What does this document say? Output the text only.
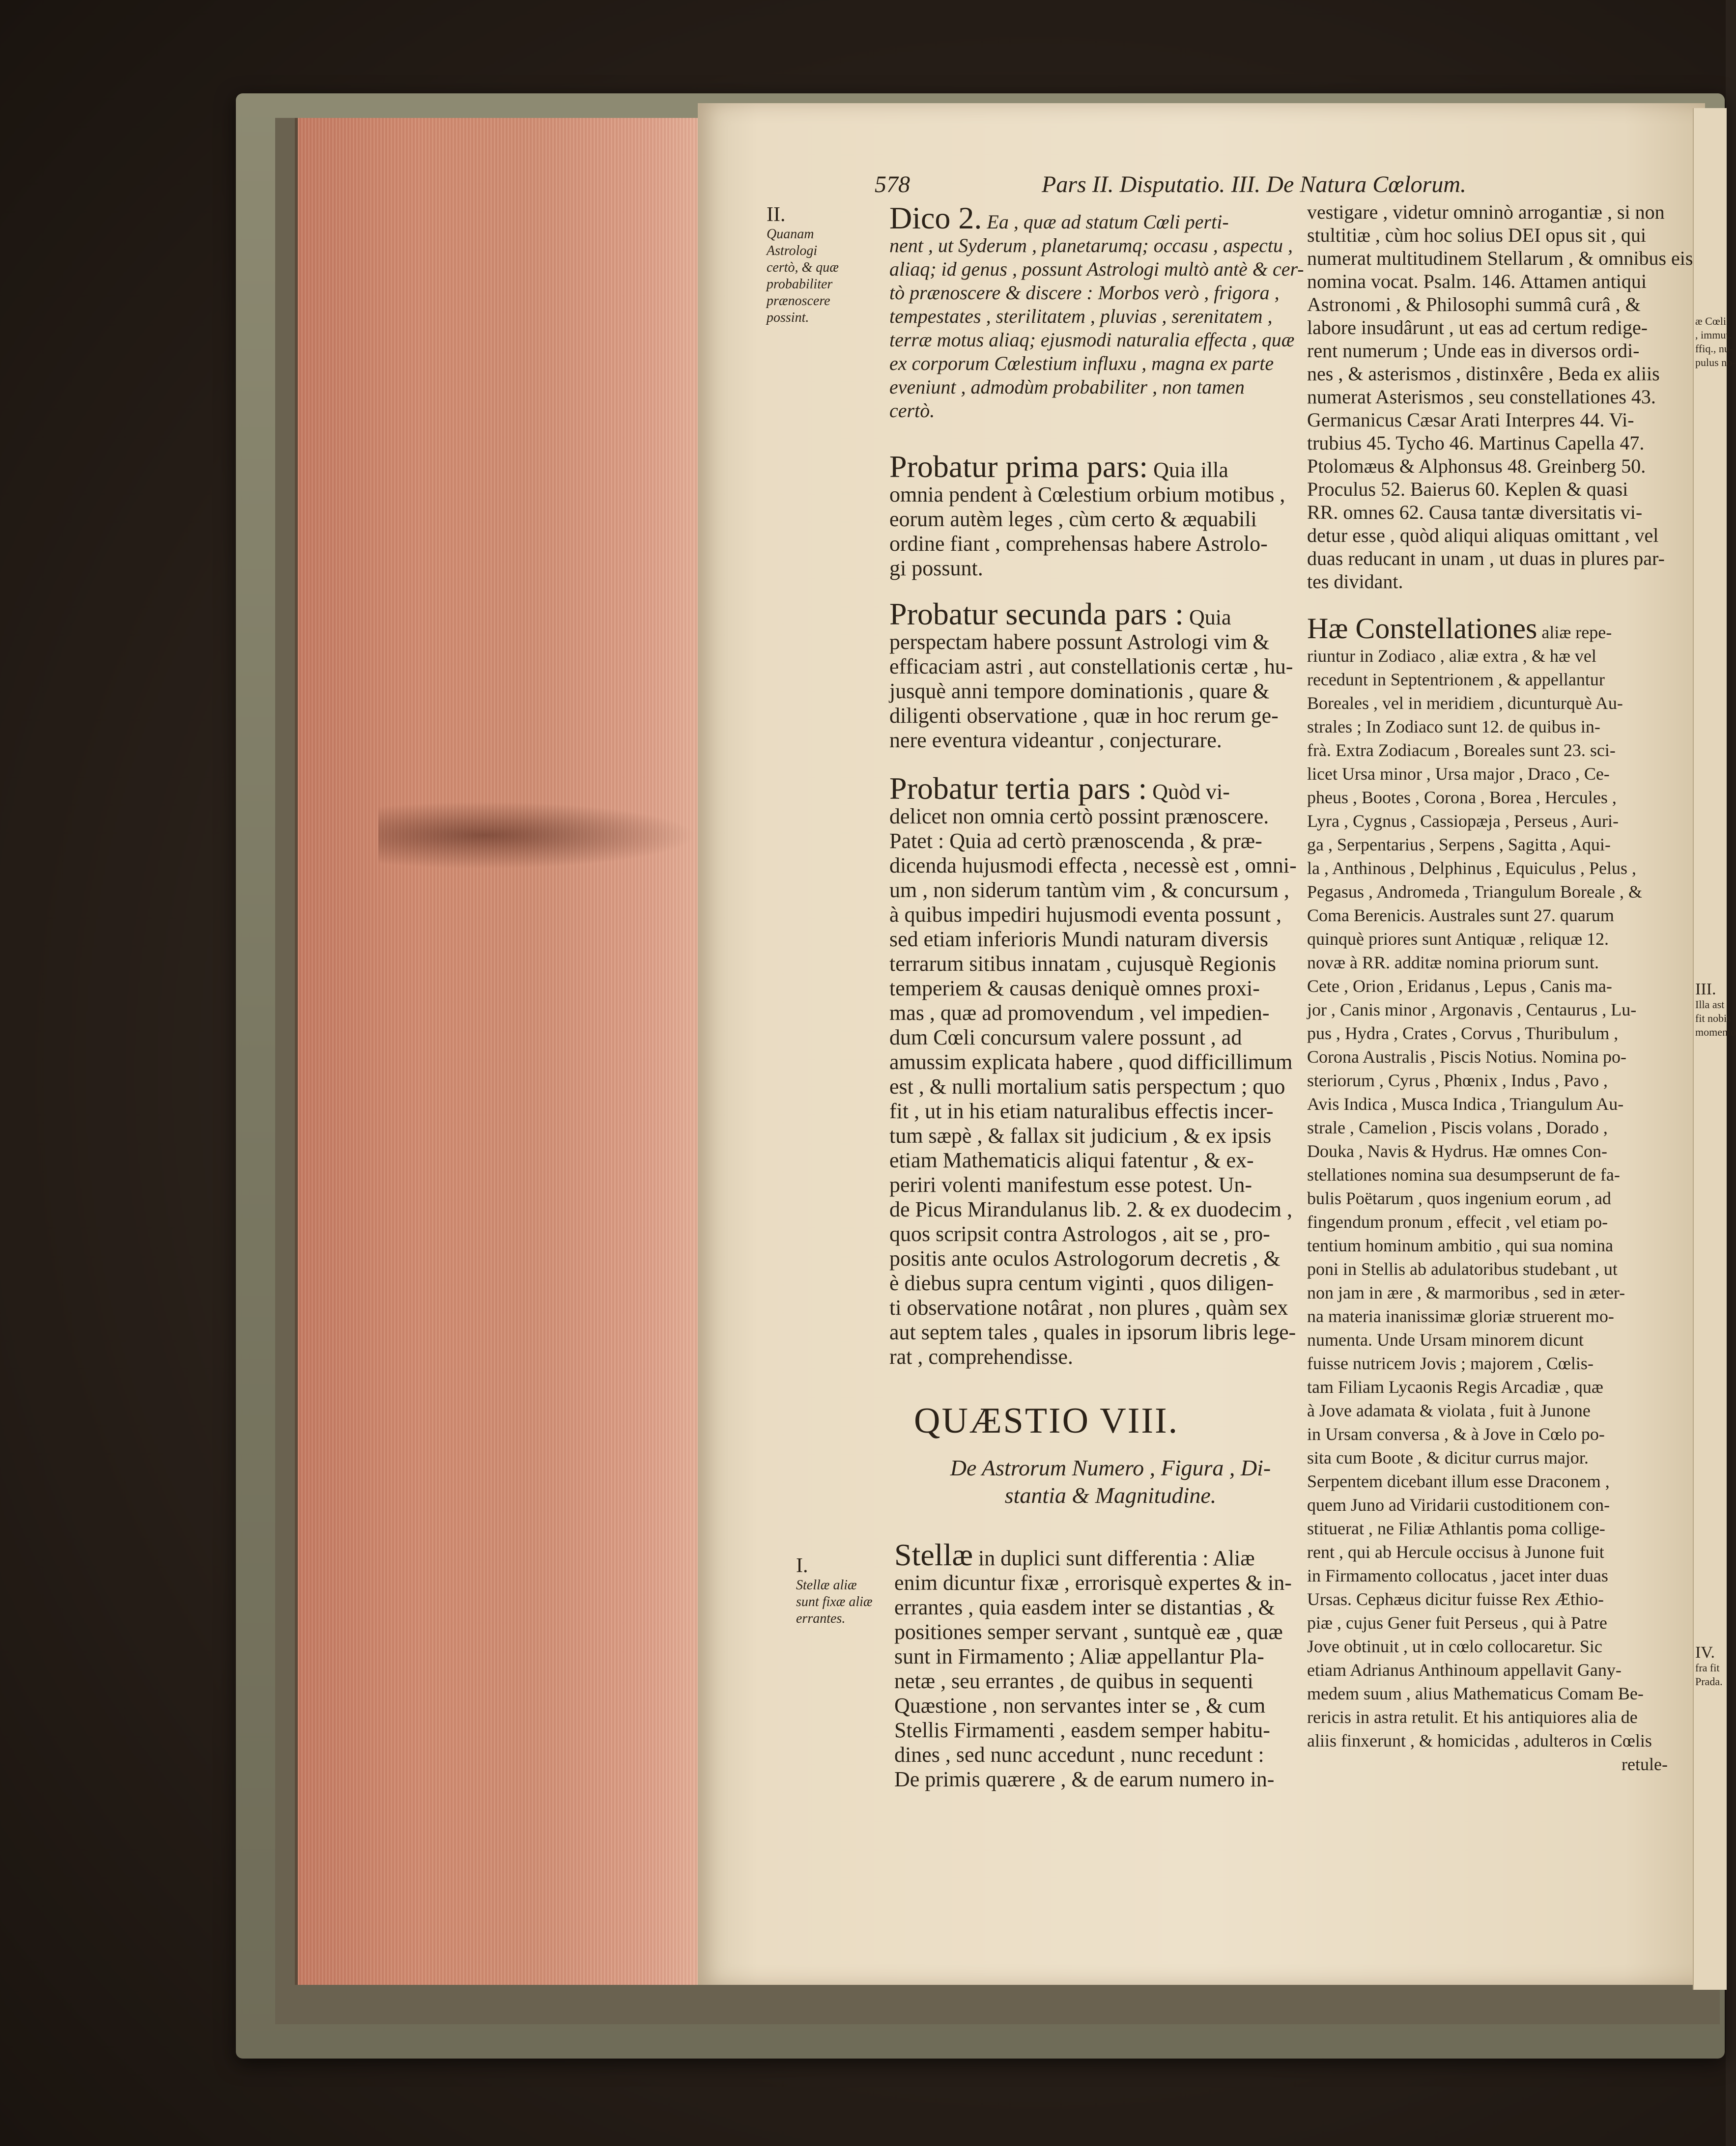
578	Pars II. Disputatio. III. De Natura Cœlorum.
II.
Quanam
Astrologi
certò, & quæ
probabiliter
prænoscere
possint.
Dico 2. Ea , quæ ad statum Cœli perti-
nent , ut Syderum , planetarumq; occasu , aspectu ,
aliaq; id genus , possunt Astrologi multò antè & cer-
tò prænoscere & discere : Morbos verò , frigora ,
tempestates , sterilitatem , pluvias , serenitatem ,
terræ motus aliaq; ejusmodi naturalia effecta , quæ
ex corporum Cœlestium influxu , magna ex parte
eveniunt , admodùm probabiliter , non tamen
certò.
Probatur prima pars: Quia illa
omnia pendent à Cœlestium orbium motibus ,
eorum autèm leges , cùm certo & æquabili
ordine fiant , comprehensas habere Astrolo-
gi possunt.
Probatur secunda pars : Quia
perspectam habere possunt Astrologi vim &
efficaciam astri , aut constellationis certæ , hu-
jusquè anni tempore dominationis , quare &
diligenti observatione , quæ in hoc rerum ge-
nere eventura videantur , conjecturare.
Probatur tertia pars : Quòd vi-
delicet non omnia certò possint prænoscere.
Patet : Quia ad certò prænoscenda , & præ-
dicenda hujusmodi effecta , necessè est , omni-
um , non siderum tantùm vim , & concursum ,
à quibus impediri hujusmodi eventa possunt ,
sed etiam inferioris Mundi naturam diversis
terrarum sitibus innatam , cujusquè Regionis
temperiem & causas deniquè omnes proxi-
mas , quæ ad promovendum , vel impedien-
dum Cœli concursum valere possunt , ad
amussim explicata habere , quod difficillimum
est , & nulli mortalium satis perspectum ; quo
fit , ut in his etiam naturalibus effectis incer-
tum sæpè , & fallax sit judicium , & ex ipsis
etiam Mathematicis aliqui fatentur , & ex-
periri volenti manifestum esse potest. Un-
de Picus Mirandulanus lib. 2. & ex duodecim ,
quos scripsit contra Astrologos , ait se , pro-
positis ante oculos Astrologorum decretis , &
è diebus supra centum viginti , quos diligen-
ti observatione notârat , non plures , quàm sex
aut septem tales , quales in ipsorum libris lege-
rat , comprehendisse.
QUÆSTIO VIII.
De Astrorum Numero , Figura , Di-
stantia & Magnitudine.
I.
Stellæ aliæ
sunt fixæ aliæ
errantes.
Stellæ in duplici sunt differentia : Aliæ
enim dicuntur fixæ , errorisquè expertes & in-
errantes , quia easdem inter se distantias , &
positiones semper servant , suntquè eæ , quæ
sunt in Firmamento ; Aliæ appellantur Pla-
netæ , seu errantes , de quibus in sequenti
Quæstione , non servantes inter se , & cum
Stellis Firmamenti , easdem semper habitu-
dines , sed nunc accedunt , nunc recedunt :
De primis quærere , & de earum numero in-
vestigare , videtur omninò arrogantiæ , si non
stultitiæ , cùm hoc solius DEI opus sit , qui
numerat multitudinem Stellarum , & omnibus eis
nomina vocat. Psalm. 146. Attamen antiqui
Astronomi , & Philosophi summâ curâ , &
labore insudârunt , ut eas ad certum redige-
rent numerum ; Unde eas in diversos ordi-
nes , & asterismos , distinxêre , Beda ex aliis
numerat Asterismos , seu constellationes 43.
Germanicus Cæsar Arati Interpres 44. Vi-
trubius 45. Tycho 46. Martinus Capella 47.
Ptolomæus & Alphonsus 48. Greinberg 50.
Proculus 52. Baierus 60. Keplen & quasi
RR. omnes 62. Causa tantæ diversitatis vi-
detur esse , quòd aliqui aliquas omittant , vel
duas reducant in unam , ut duas in plures par-
tes dividant.
Hæ Constellationes aliæ repe-
riuntur in Zodiaco , aliæ extra , & hæ vel
recedunt in Septentrionem , & appellantur
Boreales , vel in meridiem , dicunturquè Au-
strales ; In Zodiaco sunt 12. de quibus in-
frà. Extra Zodiacum , Boreales sunt 23. sci-
licet Ursa minor , Ursa major , Draco , Ce-
pheus , Bootes , Corona , Borea , Hercules ,
Lyra , Cygnus , Cassiopæja , Perseus , Auri-
ga , Serpentarius , Serpens , Sagitta , Aqui-
la , Anthinous , Delphinus , Equiculus , Pelus ,
Pegasus , Andromeda , Triangulum Boreale , &
Coma Berenicis. Australes sunt 27. quarum
quinquè priores sunt Antiquæ , reliquæ 12.
novæ à RR. additæ nomina priorum sunt.
Cete , Orion , Eridanus , Lepus , Canis ma-
jor , Canis minor , Argonavis , Centaurus , Lu-
pus , Hydra , Crates , Corvus , Thuribulum ,
Corona Australis , Piscis Notius. Nomina po-
steriorum , Cyrus , Phœnix , Indus , Pavo ,
Avis Indica , Musca Indica , Triangulum Au-
strale , Camelion , Piscis volans , Dorado ,
Douka , Navis & Hydrus. Hæ omnes Con-
stellationes nomina sua desumpserunt de fa-
bulis Poëtarum , quos ingenium eorum , ad
fingendum pronum , effecit , vel etiam po-
tentium hominum ambitio , qui sua nomina
poni in Stellis ab adulatoribus studebant , ut
non jam in ære , & marmoribus , sed in æter-
na materia inanissimæ gloriæ struerent mo-
numenta. Unde Ursam minorem dicunt
fuisse nutricem Jovis ; majorem , Cœlis-
tam Filiam Lycaonis Regis Arcadiæ , quæ
à Jove adamata & violata , fuit à Junone
in Ursam conversa , & à Jove in Cœlo po-
sita cum Boote , & dicitur currus major.
Serpentem dicebant illum esse Draconem ,
quem Juno ad Viridarii custoditionem con-
stituerat , ne Filiæ Athlantis poma collige-
rent , qui ab Hercule occisus à Junone fuit
in Firmamento collocatus , jacet inter duas
Ursas. Cephæus dicitur fuisse Rex Æthio-
piæ , cujus Gener fuit Perseus , qui à Patre
Jove obtinuit , ut in cœlo collocaretur. Sic
etiam Adrianus Anthinoum appellavit Gany-
medem suum , alius Mathematicus Comam Be-
rericis in astra retulit. Et his antiquiores alia de
aliis finxerunt , & homicidas , adulteros in Cœlis
retule-
æ Cœli
, immut.
ffiq., nu-
pulus no-
III.
Illa ast
fit nobis
momento
IV.
fra fit
Prada.
